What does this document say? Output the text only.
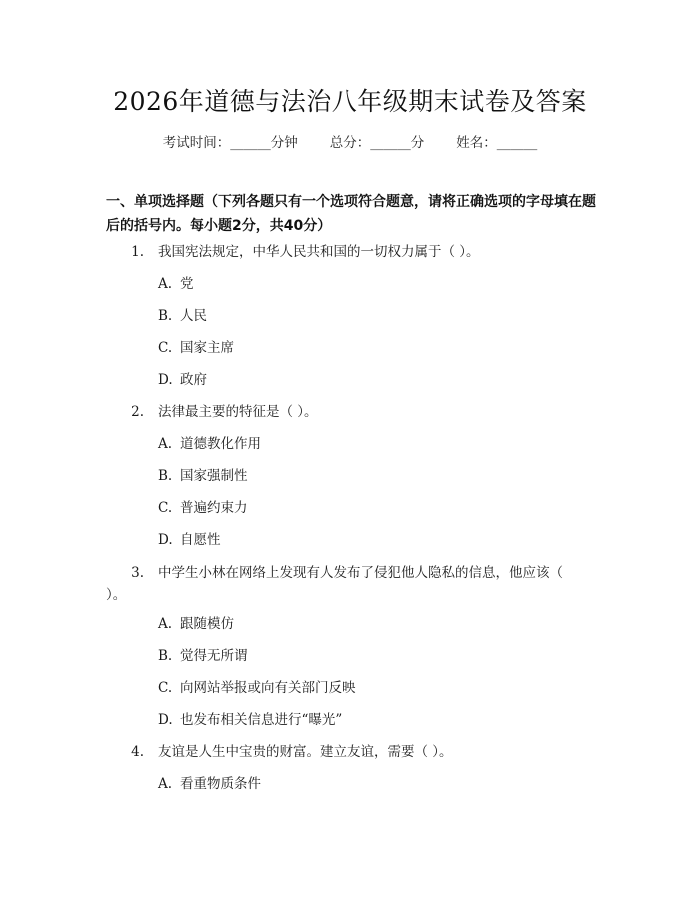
2026年道德与法治八年级期末试卷及答案
考试时间：______分钟 总分：______分 姓名：______
一、单项选择题（下列各题只有一个选项符合题意，请将正确选项的字母填在题后的括号内。每小题2分，共40分）
1. 我国宪法规定，中华人民共和国的一切权力属于（ ）。
A. 党
B. 人民
C. 国家主席
D. 政府
2. 法律最主要的特征是（ ）。
A. 道德教化作用
B. 国家强制性
C. 普遍约束力
D. 自愿性
3. 中学生小林在网络上发现有人发布了侵犯他人隐私的信息，他应该（ ）。
A. 跟随模仿
B. 觉得无所谓
C. 向网站举报或向有关部门反映
D. 也发布相关信息进行“曝光”
4. 友谊是人生中宝贵的财富。建立友谊，需要（ ）。
A. 看重物质条件
